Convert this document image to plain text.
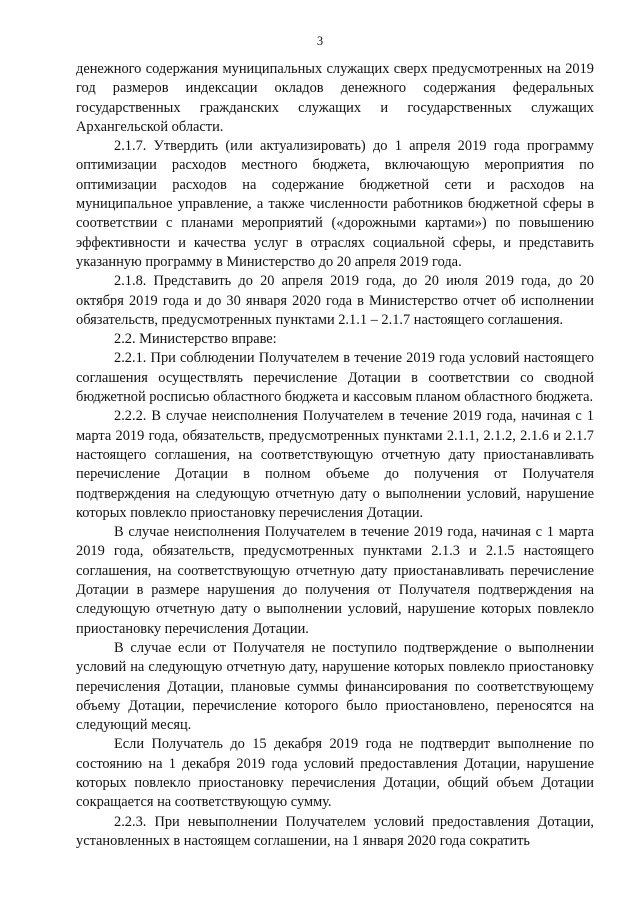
3

денежного содержания муниципальных служащих сверх предусмотренных на 2019 год размеров индексации окладов денежного содержания федеральных государственных гражданских служащих и государственных служащих Архангельской области.

2.1.7. Утвердить (или актуализировать) до 1 апреля 2019 года программу оптимизации расходов местного бюджета, включающую мероприятия по оптимизации расходов на содержание бюджетной сети и расходов на муниципальное управление, а также численности работников бюджетной сферы в соответствии с планами мероприятий («дорожными картами») по повышению эффективности и качества услуг в отраслях социальной сферы, и представить указанную программу в Министерство до 20 апреля 2019 года.

2.1.8. Представить до 20 апреля 2019 года, до 20 июля 2019 года, до 20 октября 2019 года и до 30 января 2020 года в Министерство отчет об исполнении обязательств, предусмотренных пунктами 2.1.1 – 2.1.7 настоящего соглашения.

2.2. Министерство вправе:

2.2.1. При соблюдении Получателем в течение 2019 года условий настоящего соглашения осуществлять перечисление Дотации в соответствии со сводной бюджетной росписью областного бюджета и кассовым планом областного бюджета.

2.2.2. В случае неисполнения Получателем в течение 2019 года, начиная с 1 марта 2019 года, обязательств, предусмотренных пунктами 2.1.1, 2.1.2, 2.1.6 и 2.1.7 настоящего соглашения, на соответствующую отчетную дату приостанавливать перечисление Дотации в полном объеме до получения от Получателя подтверждения на следующую отчетную дату о выполнении условий, нарушение которых повлекло приостановку перечисления Дотации.

В случае неисполнения Получателем в течение 2019 года, начиная с 1 марта 2019 года, обязательств, предусмотренных пунктами 2.1.3 и 2.1.5 настоящего соглашения, на соответствующую отчетную дату приостанавливать перечисление Дотации в размере нарушения до получения от Получателя подтверждения на следующую отчетную дату о выполнении условий, нарушение которых повлекло приостановку перечисления Дотации.

В случае если от Получателя не поступило подтверждение о выполнении условий на следующую отчетную дату, нарушение которых повлекло приостановку перечисления Дотации, плановые суммы финансирования по соответствующему объему Дотации, перечисление которого было приостановлено, переносятся на следующий месяц.

Если Получатель до 15 декабря 2019 года не подтвердит выполнение по состоянию на 1 декабря 2019 года условий предоставления Дотации, нарушение которых повлекло приостановку перечисления Дотации, общий объем Дотации сокращается на соответствующую сумму.

2.2.3. При невыполнении Получателем условий предоставления Дотации, установленных в настоящем соглашении, на 1 января 2020 года сократить
